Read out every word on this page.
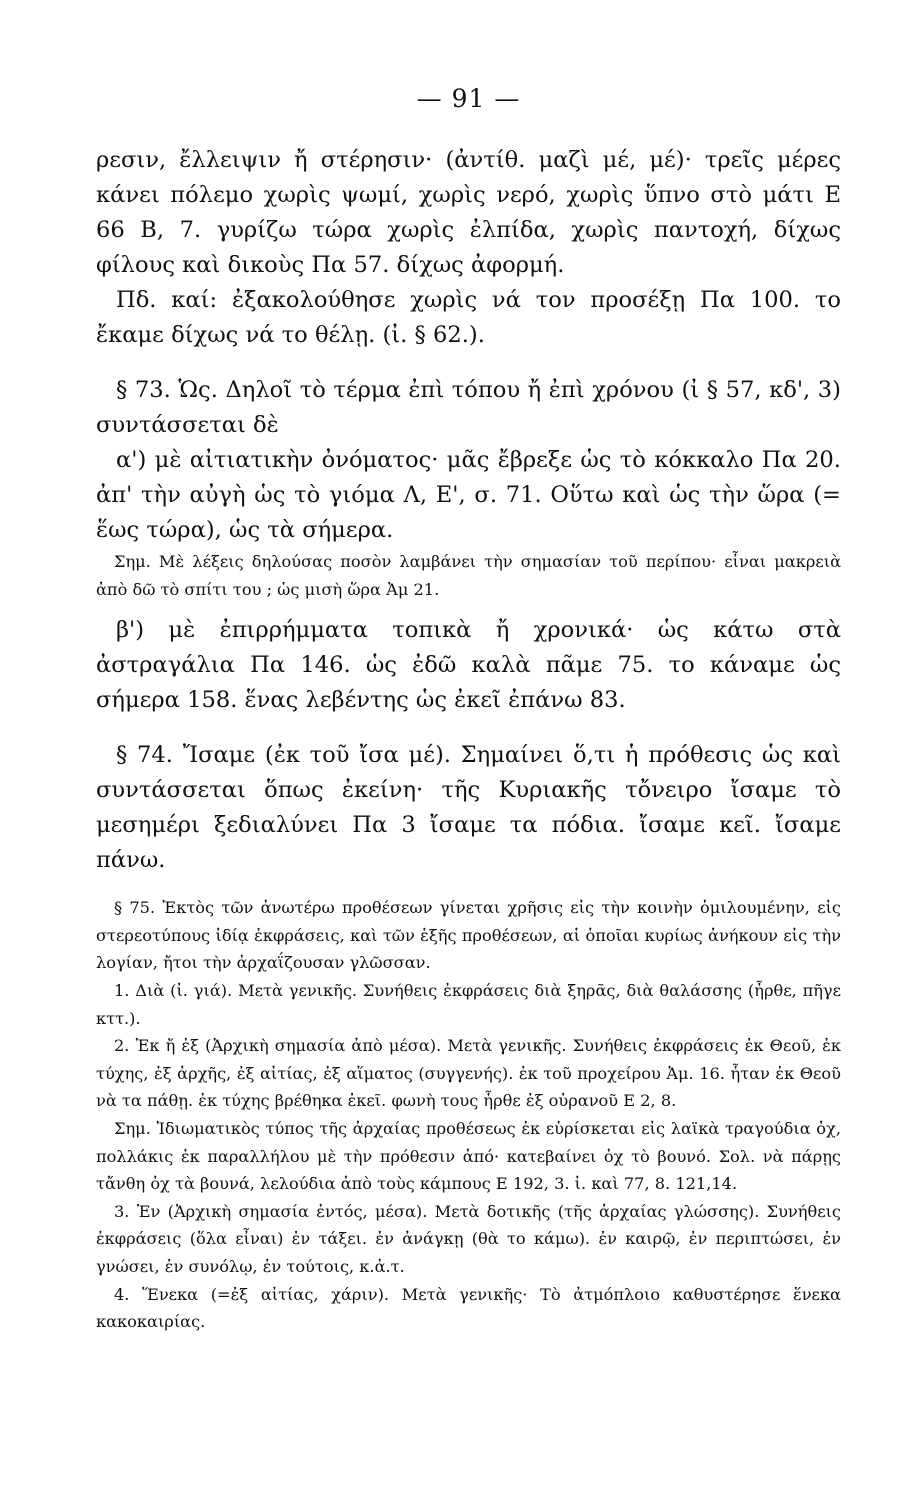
— 91 —

ρεσιν, ἔλλειψιν ἤ στέρησιν· (ἀντίθ. μαζὶ μέ, μέ)· τρεῖς μέρες κάνει πόλεμο χωρὶς ψωμί, χωρὶς νερό, χωρὶς ὕπνο στὸ μάτι Ε 66 Β, 7. γυρίζω τώρα χωρὶς ἐλπίδα, χωρὶς παντοχή, δίχως φίλους καὶ δικοὺς Πα 57. δίχως ἀφορμή.

Πδ. καί: ἐξακολούθησε χωρὶς νά τον προσέξῃ Πα 100. το ἔκαμε δίχως νά το θέλῃ. (ἰ. § 62.).

§ 73. Ὡς. Δηλοῖ τὸ τέρμα ἐπὶ τόπου ἤ ἐπὶ χρόνου (ἰ § 57, κδ', 3) συντάσσεται δὲ

α') μὲ αἰτιατικὴν ὀνόματος· μᾶς ἔβρεξε ὡς τὸ κόκκαλο Πα 20. ἀπ' τὴν αὐγὴ ὡς τὸ γιόμα Λ, Ε', σ. 71. Οὕτω καὶ ὡς τὴν ὥρα (= ἕως τώρα), ὡς τὰ σήμερα.

Σημ. Μὲ λέξεις δηλούσας ποσὸν λαμβάνει τὴν σημασίαν τοῦ περίπου· εἶναι μακρειὰ ἀπὸ δῶ τὸ σπίτι του ; ὡς μισὴ ὥρα Ἀμ 21.

β') μὲ ἐπιρρήμματα τοπικὰ ἤ χρονικά· ὡς κάτω στὰ ἀστραγάλια Πα 146. ὡς ἐδῶ καλὰ πᾶμε 75. το κάναμε ὡς σήμερα 158. ἕνας λεβέντης ὡς ἐκεῖ ἐπάνω 83.

§ 74. Ἴσαμε (ἐκ τοῦ ἴσα μέ). Σημαίνει ὅ,τι ἡ πρόθεσις ὡς καὶ συντάσσεται ὅπως ἐκείνη· τῆς Κυριακῆς τὄνειρο ἴσαμε τὸ μεσημέρι ξεδιαλύνει Πα 3 ἴσαμε τα πόδια. ἴσαμε κεῖ. ἴσαμε πάνω.

§ 75. Ἐκτὸς τῶν ἀνωτέρω προθέσεων γίνεται χρῆσις εἰς τὴν κοινὴν ὁμιλουμένην, εἰς στερεοτύπους ἰδίᾳ ἐκφράσεις, καὶ τῶν ἑξῆς προθέσεων, αἱ ὁποῖαι κυρίως ἀνήκουν εἰς τὴν λογίαν, ἤτοι τὴν ἀρχαΐζουσαν γλῶσσαν.

1. Διὰ (ἰ. γιά). Μετὰ γενικῆς. Συνήθεις ἐκφράσεις διὰ ξηρᾶς, διὰ θαλάσσης (ἦρθε, πῆγε κττ.).

2. Ἐκ ἤ ἐξ (Ἀρχικὴ σημασία ἀπὸ μέσα). Μετὰ γενικῆς. Συνήθεις ἐκφράσεις ἐκ Θεοῦ, ἐκ τύχης, ἐξ ἀρχῆς, ἐξ αἰτίας, ἐξ αἵματος (συγγενής). ἐκ τοῦ προχείρου Ἀμ. 16. ἦταν ἐκ Θεοῦ νὰ τα πάθῃ. ἐκ τύχης βρέθηκα ἐκεῖ. φωνὴ τους ἦρθε ἐξ οὐρανοῦ Ε 2, 8.

Σημ. Ἰδιωματικὸς τύπος τῆς ἀρχαίας προθέσεως ἐκ εὑρίσκεται εἰς λαϊκὰ τραγούδια ὀχ, πολλάκις ἐκ παραλλήλου μὲ τὴν πρόθεσιν ἀπό· κατεβαίνει ὀχ τὸ βουνό. Σολ. νὰ πάρῃς τἄνθη ὀχ τὰ βουνά, λελούδια ἀπὸ τοὺς κάμπους Ε 192, 3. ἰ. καὶ 77, 8. 121,14.

3. Ἐν (Ἀρχικὴ σημασία ἐντός, μέσα). Μετὰ δοτικῆς (τῆς ἀρχαίας γλώσσης). Συνήθεις ἐκφράσεις (ὅλα εἶναι) ἐν τάξει. ἐν ἀνάγκῃ (θὰ το κάμω). ἐν καιρῷ, ἐν περιπτώσει, ἐν γνώσει, ἐν συνόλῳ, ἐν τούτοις, κ.ἀ.τ.

4. Ἕνεκα (=ἐξ αἰτίας, χάριν). Μετὰ γενικῆς· Τὸ ἀτμόπλοιο καθυστέρησε ἕνεκα κακοκαιρίας.
